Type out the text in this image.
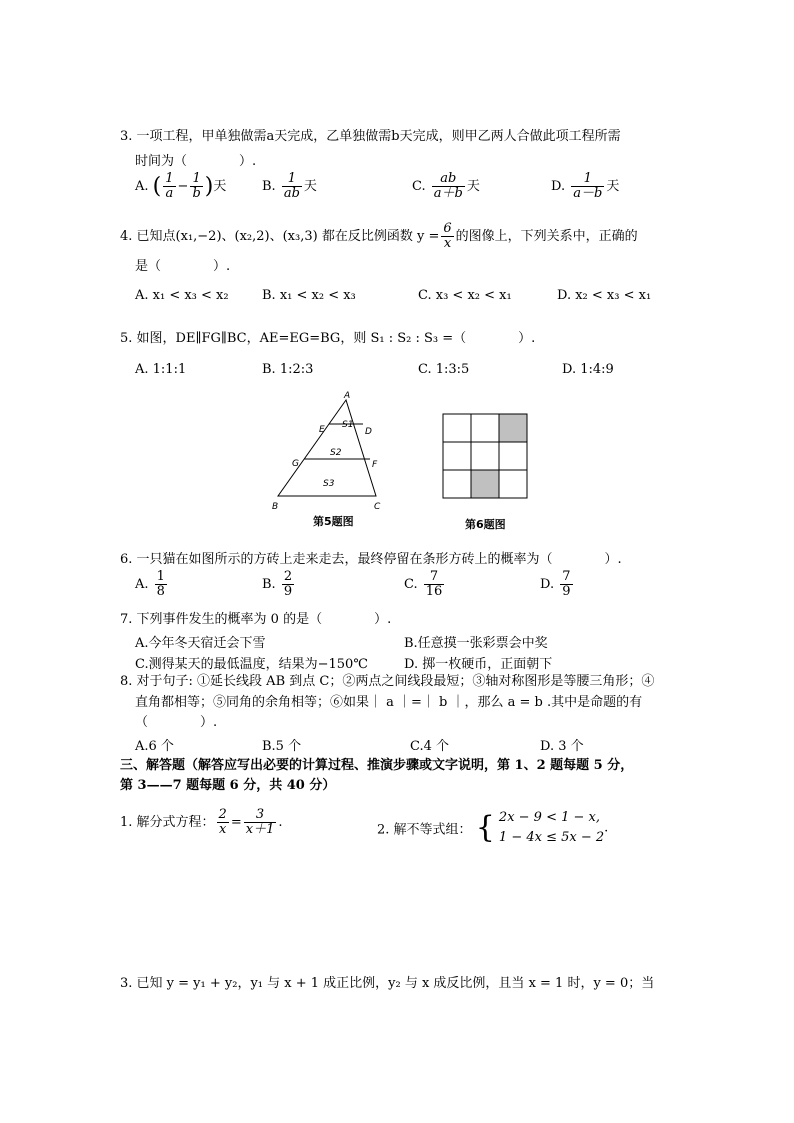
3. 一项工程，甲单独做需a天完成，乙单独做需b天完成，则甲乙两人合做此项工程所需
时间为（　　　　）.
A. ( $\frac{1}{a} - \frac{1}{b}$ )天	B. $\frac{1}{ab}$ 天	C. $\frac{ab}{a+b}$ 天	D. $\frac{1}{a-b}$ 天
4. 已知点(x₁,−2)、(x₂,2)、(x₃,3) 都在反比例函数 $y = \frac{6}{x}$ 的图像上，下列关系中，正确的
是（　　　　）.
A. x₁ < x₃ < x₂	B. x₁ < x₂ < x₃	C. x₃ < x₂ < x₁	D. x₂ < x₃ < x₁
5. 如图，DE∥FG∥BC，AE=EG=BG，则 S₁ : S₂ : S₃ =（　　　　）.
A. 1:1:1	B. 1:2:3	C. 1:3:5	D. 1:4:9
A
E	D
G	F
B	C
S1
S2
S3
第5题图	第6题图
6. 一只猫在如图所示的方砖上走来走去，最终停留在条形方砖上的概率为（　　　　）.
A. $\frac{1}{8}$	B. $\frac{2}{9}$	C. $\frac{7}{16}$	D. $\frac{7}{9}$
7. 下列事件发生的概率为 0 的是（　　　　）.
A.今年冬天宿迁会下雪	B.任意摸一张彩票会中奖
C.测得某天的最低温度，结果为−150℃	D. 掷一枚硬币，正面朝下
8. 对于句子: ①延长线段 AB 到点 C；②两点之间线段最短；③轴对称图形是等腰三角形；④
直角都相等；⑤同角的余角相等；⑥如果｜ a ｜=｜ b ｜，那么 a = b .其中是命题的有
（　　　　）.
A.6 个	B.5 个	C.4 个	D. 3 个
三、解答题（解答应写出必要的计算过程、推演步骤或文字说明，第 1、2 题每题 5 分，
第 3——7 题每题 6 分，共 40 分）
1. 解分式方程： $\frac{2}{x} = \frac{3}{x+1}$ .	2. 解不等式组： { 2x − 9 < 1 − x,
1 − 4x ≤ 5x − 2
.
3. 已知 y = y₁ + y₂，y₁ 与 x + 1 成正比例，y₂ 与 x 成反比例，且当 x = 1 时，y = 0；当
